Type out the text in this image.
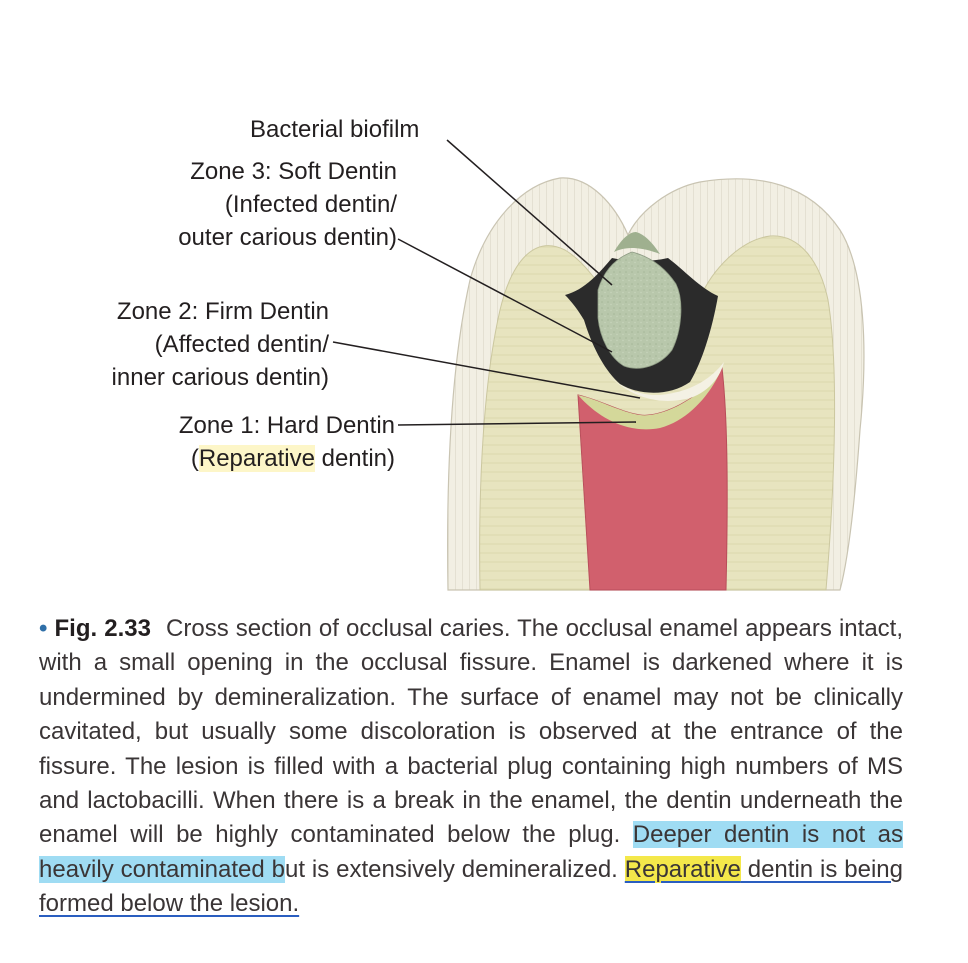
Bacterial biofilm
Zone 3: Soft Dentin
(Infected dentin/
outer carious dentin)
Zone 2: Firm Dentin
(Affected dentin/
inner carious dentin)
Zone 1: Hard Dentin
(Reparative dentin)
• Fig. 2.33 Cross section of occlusal caries. The occlusal enamel appears intact, with a small opening in the occlusal fissure. Enamel is darkened where it is undermined by demineralization. The surface of enamel may not be clinically cavitated, but usually some discoloration is observed at the entrance of the fissure. The lesion is filled with a bacterial plug containing high numbers of MS and lactobacilli. When there is a break in the enamel, the dentin underneath the enamel will be highly contaminated below the plug. Deeper dentin is not as heavily contaminated but is extensively demineralized. Reparative dentin is being formed below the lesion.
